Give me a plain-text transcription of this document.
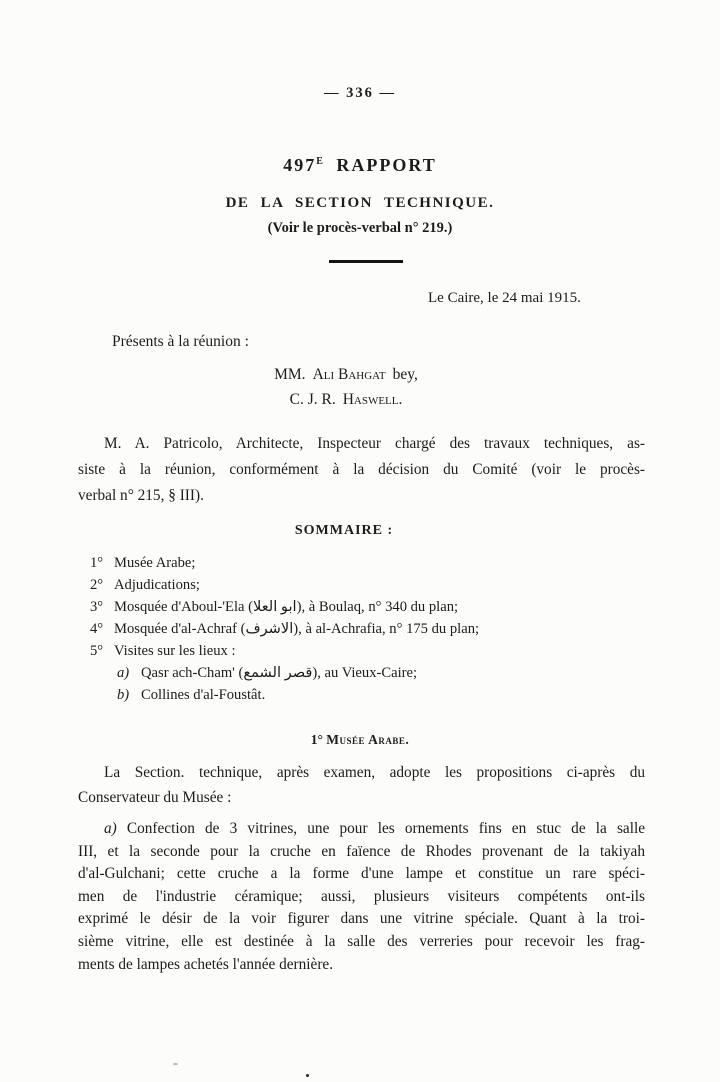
— 336 —
$497^E$ RAPPORT
DE LA SECTION TECHNIQUE.
(Voir le procès-verbal n° 219.)
Le Caire, le 24 mai 1915.
Présents à la réunion :
MM. Ali Bahgat bey,
C. J. R. Haswell.
M. A. Patricolo, Architecte, Inspecteur chargé des travaux techniques, as-
siste à la réunion, conformément à la décision du Comité (voir le procès-
verbal n° 215, § III).
SOMMAIRE :
1° Musée Arabe;
2° Adjudications;
3° Mosquée d'Aboul-'Ela (ابو العلا), à Boulaq, n° 340 du plan;
4° Mosquée d'al-Achraf (الاشرف), à al-Achrafia, n° 175 du plan;
5° Visites sur les lieux :
a) Qasr ach-Cham' (قصر الشمع), au Vieux-Caire;
b) Collines d'al-Foustât.
1° Musée Arabe.
La Section. technique, après examen, adopte les propositions ci-après du
Conservateur du Musée :
a) Confection de 3 vitrines, une pour les ornements fins en stuc de la salle
III, et la seconde pour la cruche en faïence de Rhodes provenant de la takiyah
d'al-Gulchani; cette cruche a la forme d'une lampe et constitue un rare spéci-
men de l'industrie céramique; aussi, plusieurs visiteurs compétents ont-ils
exprimé le désir de la voir figurer dans une vitrine spéciale. Quant à la troi-
sième vitrine, elle est destinée à la salle des verreries pour recevoir les frag-
ments de lampes achetés l'année dernière.
